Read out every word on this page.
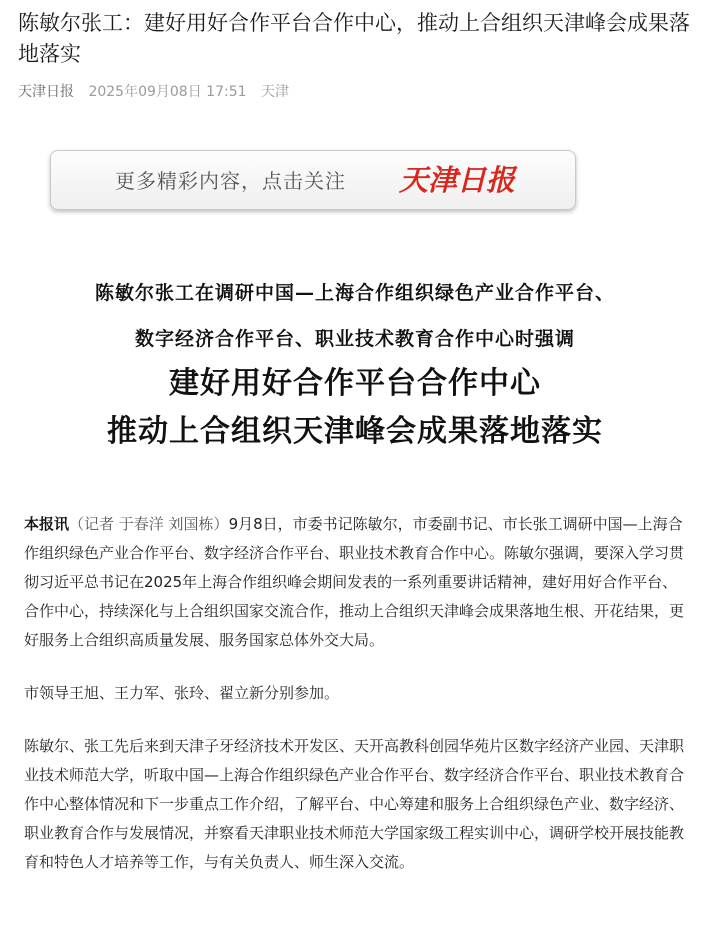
陈敏尔张工：建好用好合作平台合作中心，推动上合组织天津峰会成果落地落实
天津日报 2025年09月08日 17:51 天津
更多精彩内容，点击关注 天津日报
陈敏尔张工在调研中国—上海合作组织绿色产业合作平台、
数字经济合作平台、职业技术教育合作中心时强调
建好用好合作平台合作中心
推动上合组织天津峰会成果落地落实

本报讯（记者 于春洋 刘国栋）9月8日，市委书记陈敏尔，市委副书记、市长张工调研中国—上海合作组织绿色产业合作平台、数字经济合作平台、职业技术教育合作中心。陈敏尔强调，要深入学习贯彻习近平总书记在2025年上海合作组织峰会期间发表的一系列重要讲话精神，建好用好合作平台、合作中心，持续深化与上合组织国家交流合作，推动上合组织天津峰会成果落地生根、开花结果，更好服务上合组织高质量发展、服务国家总体外交大局。

市领导王旭、王力军、张玲、翟立新分别参加。

陈敏尔、张工先后来到天津子牙经济技术开发区、天开高教科创园华苑片区数字经济产业园、天津职业技术师范大学，听取中国—上海合作组织绿色产业合作平台、数字经济合作平台、职业技术教育合作中心整体情况和下一步重点工作介绍，了解平台、中心筹建和服务上合组织绿色产业、数字经济、职业教育合作与发展情况，并察看天津职业技术师范大学国家级工程实训中心，调研学校开展技能教育和特色人才培养等工作，与有关负责人、师生深入交流。
